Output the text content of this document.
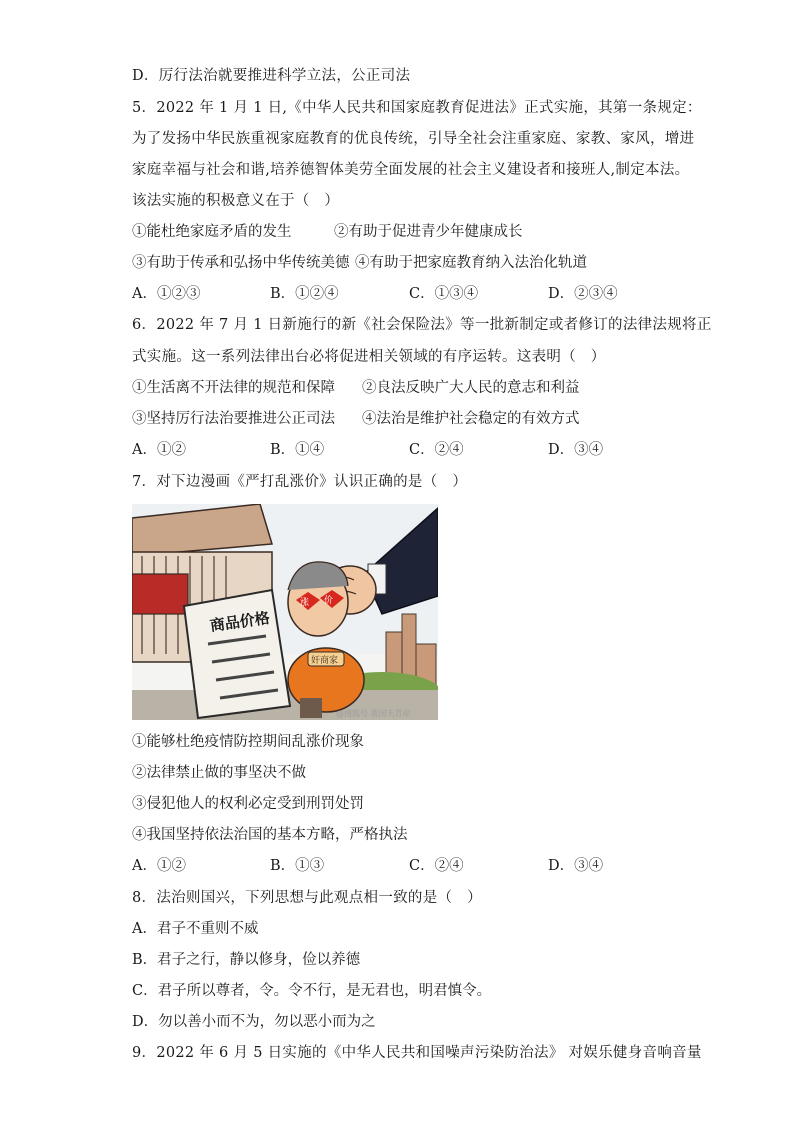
D．厉行法治就要推进科学立法，公正司法
5．2022 年 1 月 1 日,《中华人民共和国家庭教育促进法》正式实施，其第一条规定：
为了发扬中华民族重视家庭教育的优良传统，引导全社会注重家庭、家教、家风，增进
家庭幸福与社会和谐,培养德智体美劳全面发展的社会主义建设者和接班人,制定本法。
该法实施的积极意义在于（　）
①能杜绝家庭矛盾的发生	②有助于促进青少年健康成长
③有助于传承和弘扬中华传统美德 ④有助于把家庭教育纳入法治化轨道
A．①②③	B．①②④	C．①③④	D．②③④
6．2022 年 7 月 1 日新施行的新《社会保险法》等一批新制定或者修订的法律法规将正
式实施。这一系列法律出台必将促进相关领域的有序运转。这表明（　）
①生活离不开法律的规范和保障 ②良法反映广大人民的意志和利益
③坚持厉行法治要推进公正司法 ④法治是维护社会稳定的有效方式
A．①②	B．①④	C．②④	D．③④
7．对下边漫画《严打乱涨价》认识正确的是（　）
商品价格
涨 价
奸商家
@搜狐号 我国天青岸
①能够杜绝疫情防控期间乱涨价现象
②法律禁止做的事坚决不做
③侵犯他人的权利必定受到刑罚处罚
④我国坚持依法治国的基本方略，严格执法
A．①②	B．①③	C．②④	D．③④
8．法治则国兴，下列思想与此观点相一致的是（　）
A．君子不重则不威
B．君子之行，静以修身，俭以养德
C．君子所以尊者，令。令不行，是无君也，明君慎令。
D．勿以善小而不为，勿以恶小而为之
9．2022 年 6 月 5 日实施的《中华人民共和国噪声污染防治法》 对娱乐健身音响音量
